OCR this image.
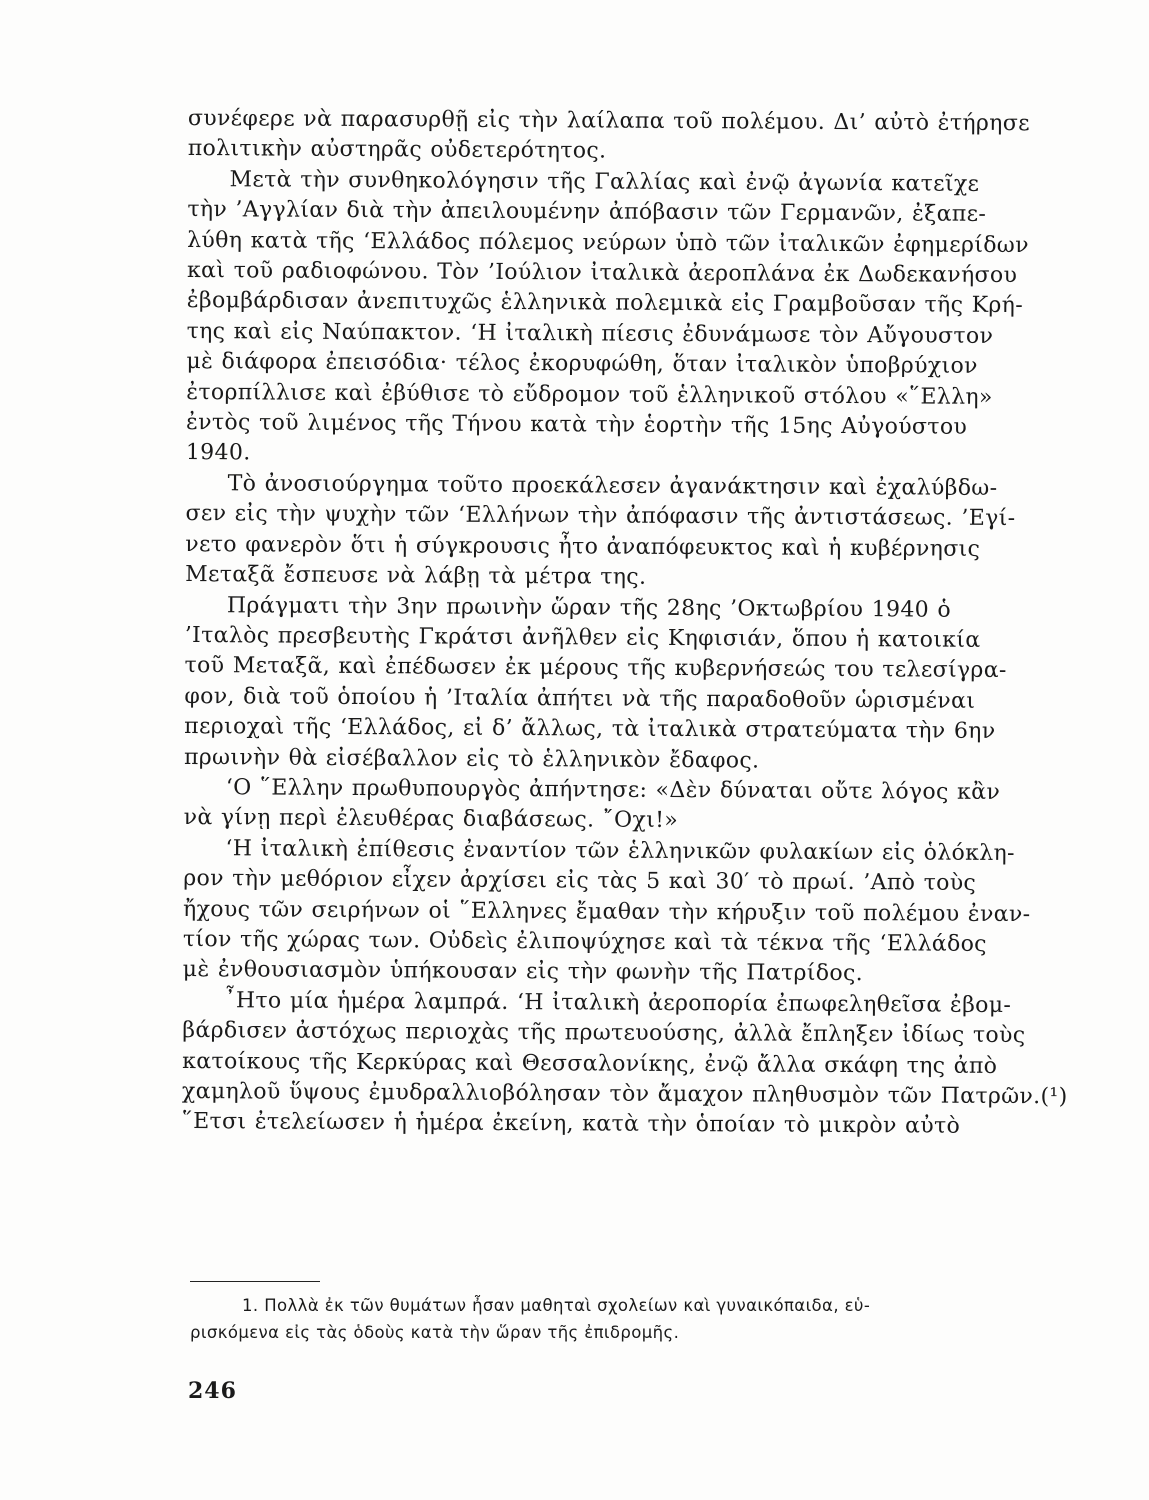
συνέφερε νὰ παρασυρθῇ εἰς τὴν λαίλαπα τοῦ πολέμου. Δι’ αὐτὸ ἐτήρησε
πολιτικὴν αὐστηρᾶς οὐδετερότητος.
Μετὰ τὴν συνθηκολόγησιν τῆς Γαλλίας καὶ ἐνῷ ἀγωνία κατεῖχε
τὴν ’Αγγλίαν διὰ τὴν ἀπειλουμένην ἀπόβασιν τῶν Γερμανῶν, ἐξαπε-
λύθη κατὰ τῆς ‘Ελλάδος πόλεμος νεύρων ὑπὸ τῶν ἰταλικῶν ἐφημερίδων
καὶ τοῦ ραδιοφώνου. Τὸν ’Ιούλιον ἰταλικὰ ἀεροπλάνα ἐκ Δωδεκανήσου
ἐβομβάρδισαν ἀνεπιτυχῶς ἑλληνικὰ πολεμικὰ εἰς Γραμβοῦσαν τῆς Κρή-
της καὶ εἰς Ναύπακτον. ‘Η ἰταλικὴ πίεσις ἐδυνάμωσε τὸν Αὔγουστον
μὲ διάφορα ἐπεισόδια· τέλος ἐκορυφώθη, ὅταν ἰταλικὸν ὑποβρύχιον
ἐτορπίλλισε καὶ ἐβύθισε τὸ εὔδρομον τοῦ ἑλληνικοῦ στόλου «῞Ελλη»
ἐντὸς τοῦ λιμένος τῆς Τήνου κατὰ τὴν ἑορτὴν τῆς 15ης Αὐγούστου
1940.
Τὸ ἀνοσιούργημα τοῦτο προεκάλεσεν ἀγανάκτησιν καὶ ἐχαλύβδω-
σεν εἰς τὴν ψυχὴν τῶν ‘Ελλήνων τὴν ἀπόφασιν τῆς ἀντιστάσεως. ’Εγί-
νετο φανερὸν ὅτι ἡ σύγκρουσις ἦτο ἀναπόφευκτος καὶ ἡ κυβέρνησις
Μεταξᾶ ἔσπευσε νὰ λάβῃ τὰ μέτρα της.
Πράγματι τὴν 3ην πρωινὴν ὥραν τῆς 28ης ’Οκτωβρίου 1940 ὁ
’Ιταλὸς πρεσβευτὴς Γκράτσι ἀνῆλθεν εἰς Κηφισιάν, ὅπου ἡ κατοικία
τοῦ Μεταξᾶ, καὶ ἐπέδωσεν ἐκ μέρους τῆς κυβερνήσεώς του τελεσίγρα-
φον, διὰ τοῦ ὁποίου ἡ ’Ιταλία ἀπήτει νὰ τῆς παραδοθοῦν ὡρισμέναι
περιοχαὶ τῆς ‘Ελλάδος, εἰ δ’ ἄλλως, τὰ ἰταλικὰ στρατεύματα τὴν 6ην
πρωινὴν θὰ εἰσέβαλλον εἰς τὸ ἑλληνικὸν ἔδαφος.
‘Ο ῞Ελλην πρωθυπουργὸς ἀπήντησε: «Δὲν δύναται οὔτε λόγος κἂν
νὰ γίνῃ περὶ ἐλευθέρας διαβάσεως. ῎Οχι!»
‘Η ἰταλικὴ ἐπίθεσις ἐναντίον τῶν ἑλληνικῶν φυλακίων εἰς ὁλόκλη-
ρον τὴν μεθόριον εἶχεν ἀρχίσει εἰς τὰς 5 καὶ 30′ τὸ πρωί. ’Απὸ τοὺς
ἤχους τῶν σειρήνων οἱ ῞Ελληνες ἔμαθαν τὴν κήρυξιν τοῦ πολέμου ἐναν-
τίον τῆς χώρας των. Οὐδεὶς ἐλιποψύχησε καὶ τὰ τέκνα τῆς ‘Ελλάδος
μὲ ἐνθουσιασμὸν ὑπήκουσαν εἰς τὴν φωνὴν τῆς Πατρίδος.
῏Ητο μία ἡμέρα λαμπρά. ‘Η ἰταλικὴ ἀεροπορία ἐπωφεληθεῖσα ἐβομ-
βάρδισεν ἀστόχως περιοχὰς τῆς πρωτευούσης, ἀλλὰ ἔπληξεν ἰδίως τοὺς
κατοίκους τῆς Κερκύρας καὶ Θεσσαλονίκης, ἐνῷ ἄλλα σκάφη της ἀπὸ
χαμηλοῦ ὕψους ἐμυδραλλιοβόλησαν τὸν ἄμαχον πληθυσμὸν τῶν Πατρῶν.(¹)
῞Ετσι ἐτελείωσεν ἡ ἡμέρα ἐκείνη, κατὰ τὴν ὁποίαν τὸ μικρὸν αὐτὸ
1. Πολλὰ ἐκ τῶν θυμάτων ἦσαν μαθηταὶ σχολείων καὶ γυναικόπαιδα, εὑ-
ρισκόμενα εἰς τὰς ὁδοὺς κατὰ τὴν ὥραν τῆς ἐπιδρομῆς.
246
